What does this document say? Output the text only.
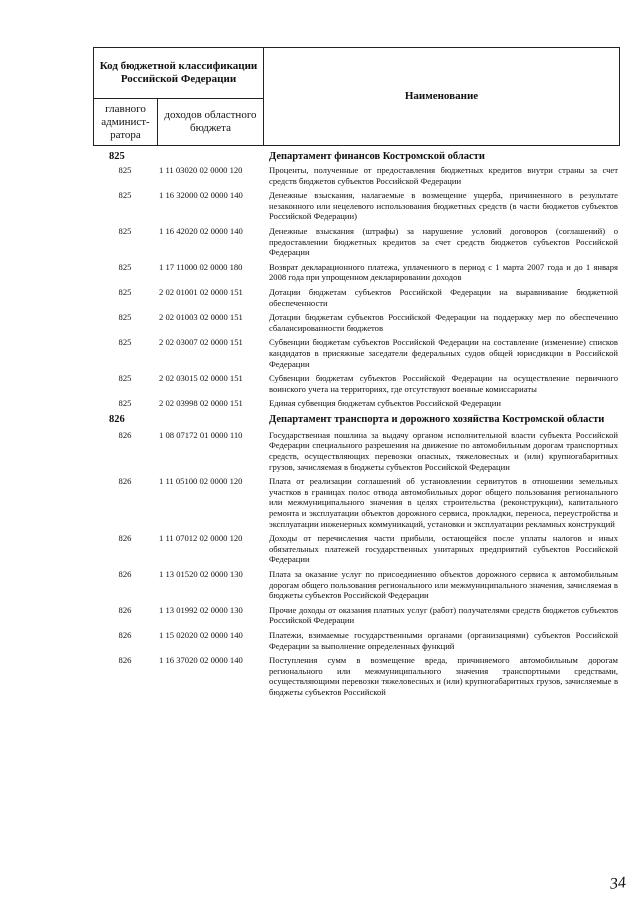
Код бюджетной классификации Российской Федерации		Наименование
главного админист-ратора	доходов областного бюджета	
825	Департамент финансов Костромской области
825	1 11 03020 02 0000 120	Проценты, полученные от предоставления бюджетных кредитов внутри страны за счет средств бюджетов субъектов Российской Федерации
825	1 16 32000 02 0000 140	Денежные взыскания, налагаемые в возмещение ущерба, причиненного в результате незаконного или нецелевого использования бюджетных средств (в части бюджетов субъектов Российской Федерации)
825	1 16 42020 02 0000 140	Денежные взыскания (штрафы) за нарушение условий договоров (соглашений) о предоставлении бюджетных кредитов за счет средств бюджетов субъектов Российской Федерации
825	1 17 11000 02 0000 180	Возврат декларационного платежа, уплаченного в период с 1 марта 2007 года и до 1 января 2008 года при упрощенном декларировании доходов
825	2 02 01001 02 0000 151	Дотации бюджетам субъектов Российской Федерации на выравнивание бюджетной обеспеченности
825	2 02 01003 02 0000 151	Дотации бюджетам субъектов Российской Федерации на поддержку мер по обеспечению сбалансированности бюджетов
825	2 02 03007 02 0000 151	Субвенции бюджетам субъектов Российской Федерации на составление (изменение) списков кандидатов в присяжные заседатели федеральных судов общей юрисдикции в Российской Федерации
825	2 02 03015 02 0000 151	Субвенции бюджетам субъектов Российской Федерации на осуществление первичного воинского учета на территориях, где отсутствуют военные комиссариаты
825	2 02 03998 02 0000 151	Единая субвенция бюджетам субъектов Российской Федерации
826	Департамент транспорта и дорожного хозяйства Костромской области
826	1 08 07172 01 0000 110	Государственная пошлина за выдачу органом исполнительной власти субъекта Российской Федерации специального разрешения на движение по автомобильным дорогам транспортных средств, осуществляющих перевозки опасных, тяжеловесных и (или) крупногабаритных грузов, зачисляемая в бюджеты субъектов Российской Федерации
826	1 11 05100 02 0000 120	Плата от реализации соглашений об установлении сервитутов в отношении земельных участков в границах полос отвода автомобильных дорог общего пользования регионального или межмуниципального значения в целях строительства (реконструкции), капитального ремонта и эксплуатации объектов дорожного сервиса, прокладки, переноса, переустройства и эксплуатации инженерных коммуникаций, установки и эксплуатации рекламных конструкций
826	1 11 07012 02 0000 120	Доходы от перечисления части прибыли, остающейся после уплаты налогов и иных обязательных платежей государственных унитарных предприятий субъектов Российской Федерации
826	1 13 01520 02 0000 130	Плата за оказание услуг по присоединению объектов дорожного сервиса к автомобильным дорогам общего пользования регионального или межмуниципального значения, зачисляемая в бюджеты субъектов Российской Федерации
826	1 13 01992 02 0000 130	Прочие доходы от оказания платных услуг (работ) получателями средств бюджетов субъектов Российской Федерации
826	1 15 02020 02 0000 140	Платежи, взимаемые государственными органами (организациями) субъектов Российской Федерации за выполнение определенных функций
826	1 16 37020 02 0000 140	Поступления сумм в возмещение вреда, причиняемого автомобильным дорогам регионального или межмуниципального значения транспортными средствами, осуществляющими перевозки тяжеловесных и (или) крупногабаритных грузов, зачисляемые в бюджеты субъектов Российской
34
